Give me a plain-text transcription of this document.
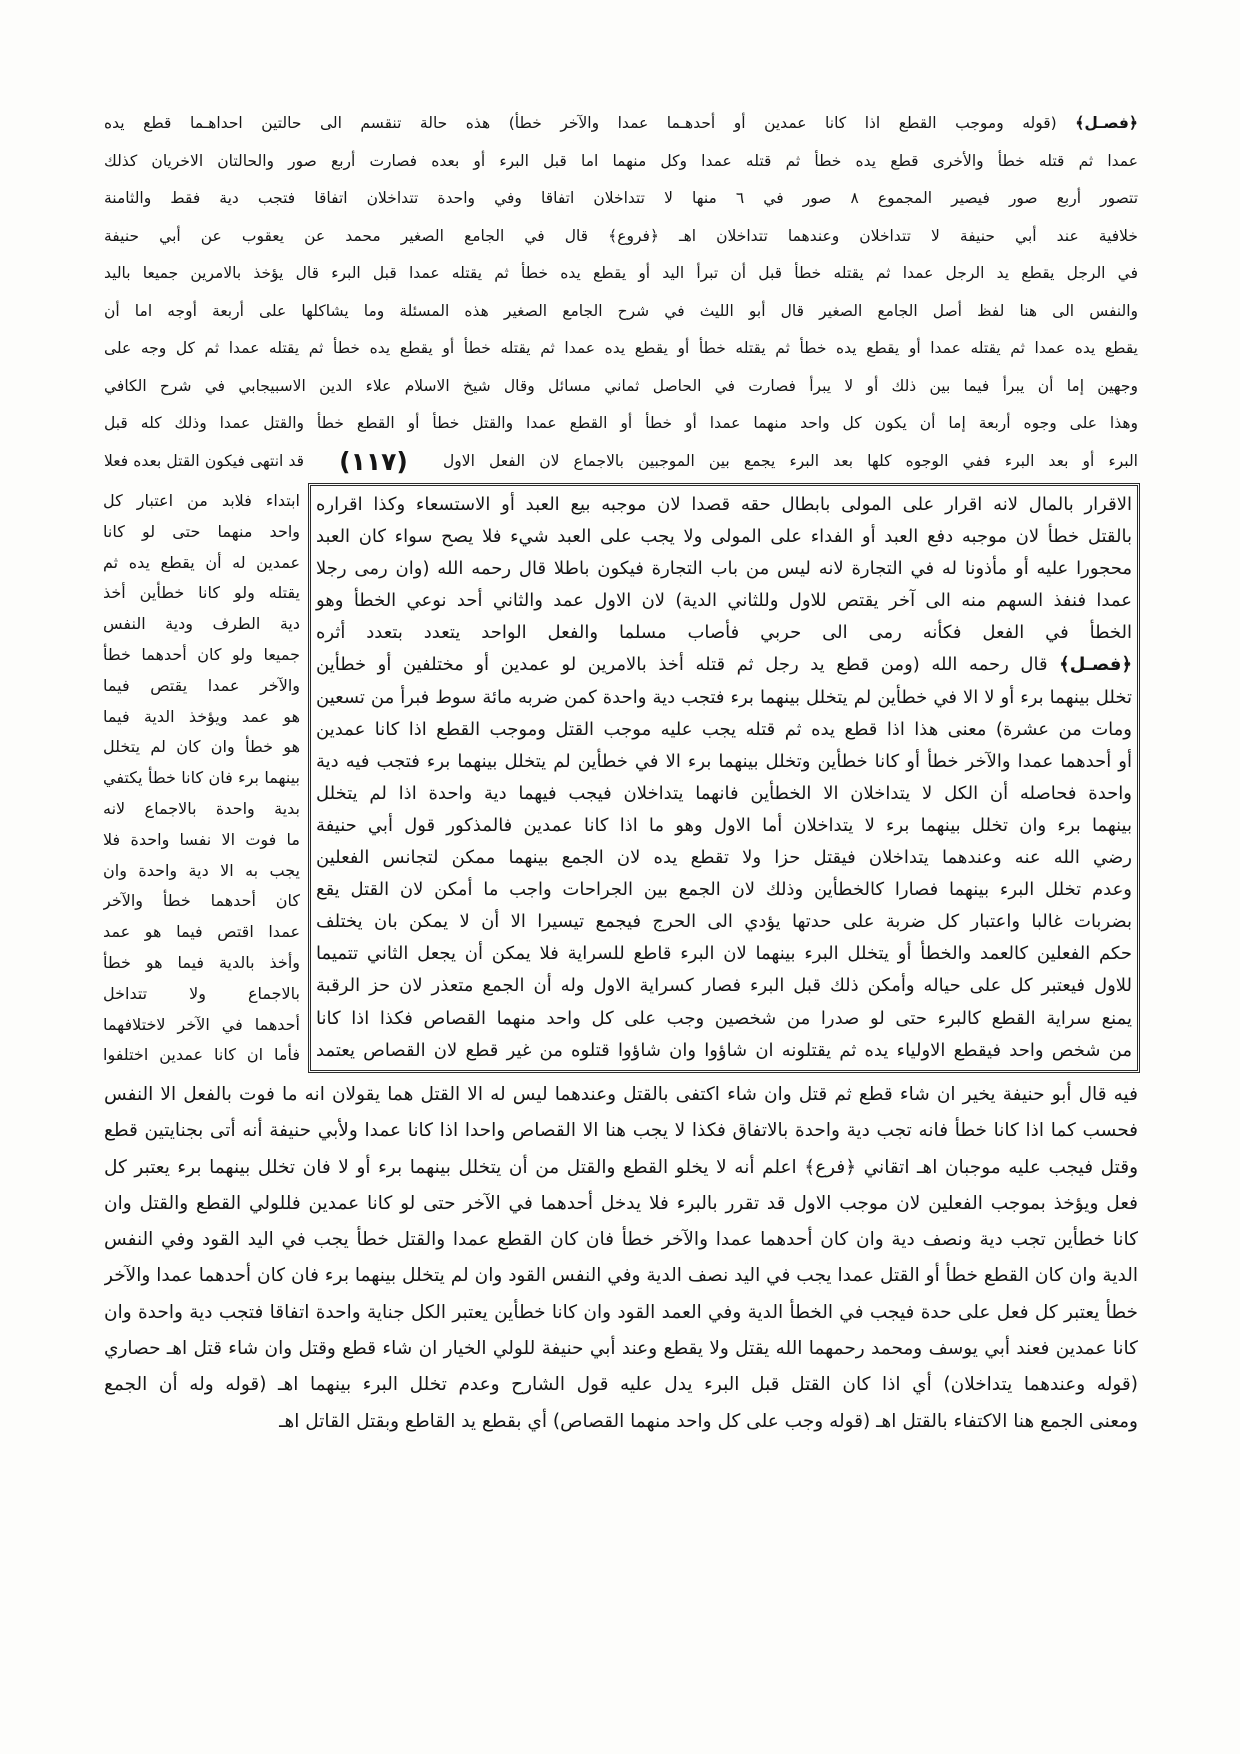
﴿فصـل﴾ (قوله وموجب القطع اذا كانا عمدين أو أحدهـما عمدا والآخر خطأ) هذه حالة تنقسم الى حالتين احداهـما قطع يده
عمدا ثم قتله خطأ والأخرى قطع يده خطأ ثم قتله عمدا وكل منهما اما قبل البرء أو بعده فصارت أربع صور والحالتان الاخريان كذلك
تتصور أربع صور فيصير المجموع ٨ صور في ٦ منها لا تتداخلان اتفاقا وفي واحدة تتداخلان اتفاقا فتجب دية فقط والثامنة
خلافية عند أبي حنيفة لا تتداخلان وعندهما تتداخلان اهـ ﴿فروع﴾ قال في الجامع الصغير محمد عن يعقوب عن أبي حنيفة
في الرجل يقطع يد الرجل عمدا ثم يقتله خطأ قبل أن تبرأ اليد أو يقطع يده خطأ ثم يقتله عمدا قبل البرء قال يؤخذ بالامرين جميعا باليد
والنفس الى هنا لفظ أصل الجامع الصغير قال أبو الليث في شرح الجامع الصغير هذه المسئلة وما يشاكلها على أربعة أوجه اما أن
يقطع يده عمدا ثم يقتله عمدا أو يقطع يده خطأ ثم يقتله خطأ أو يقطع يده عمدا ثم يقتله خطأ أو يقطع يده خطأ ثم يقتله عمدا ثم كل وجه على
وجهين إما أن يبرأ فيما بين ذلك أو لا يبرأ فصارت في الحاصل ثماني مسائل وقال شيخ الاسلام علاء الدين الاسبيجابي في شرح الكافي
وهذا على وجوه أربعة إما أن يكون كل واحد منهما عمدا أو خطأ أو القطع عمدا والقتل خطأ أو القطع خطأ والقتل عمدا وذلك كله قبل
البرء أو بعد البرء ففي الوجوه كلها بعد البرء يجمع بين الموجبين بالاجماع لان الفعل الاول
(١١٧)
قد انتهى فيكون القتل بعده فعلا
ابتداء فلابد من اعتبار كل
واحد منهما حتى لو كانا
عمدين له أن يقطع يده ثم
يقتله ولو كانا خطأين أخذ
دية الطرف ودية النفس
جميعا ولو كان أحدهما خطأ
والآخر عمدا يقتص فيما
هو عمد ويؤخذ الدية فيما
هو خطأ وان كان لم يتخلل
بينهما برء فان كانا خطأ يكتفي
بدية واحدة بالاجماع لانه
ما فوت الا نفسا واحدة فلا
يجب به الا دية واحدة وان
كان أحدهما خطأ والآخر
عمدا اقتص فيما هو عمد
وأخذ بالدية فيما هو خطأ
بالاجماع ولا تتداخل
أحدهما في الآخر لاختلافهما
فأما ان كانا عمدين اختلفوا
الاقرار بالمال لانه اقرار على المولى بابطال حقه قصدا لان موجبه بيع العبد أو الاستسعاء وكذا اقراره
بالقتل خطأ لان موجبه دفع العبد أو الفداء على المولى ولا يجب على العبد شيء فلا يصح سواء كان العبد
محجورا عليه أو مأذونا له في التجارة لانه ليس من باب التجارة فيكون باطلا قال رحمه الله (وان رمى رجلا
عمدا فنفذ السهم منه الى آخر يقتص للاول وللثاني الدية) لان الاول عمد والثاني أحد نوعي الخطأ وهو
الخطأ في الفعل فكأنه رمى الى حربي فأصاب مسلما والفعل الواحد يتعدد بتعدد أثره
﴿فصـل﴾ قال رحمه الله (ومن قطع يد رجل ثم قتله أخذ بالامرين لو عمدين أو مختلفين أو خطأين
تخلل بينهما برء أو لا الا في خطأين لم يتخلل بينهما برء فتجب دية واحدة كمن ضربه مائة سوط فبرأ من تسعين
ومات من عشرة) معنى هذا اذا قطع يده ثم قتله يجب عليه موجب القتل وموجب القطع اذا كانا عمدين
أو أحدهما عمدا والآخر خطأ أو كانا خطأين وتخلل بينهما برء الا في خطأين لم يتخلل بينهما برء فتجب فيه دية
واحدة فحاصله أن الكل لا يتداخلان الا الخطأين فانهما يتداخلان فيجب فيهما دية واحدة اذا لم يتخلل
بينهما برء وان تخلل بينهما برء لا يتداخلان أما الاول وهو ما اذا كانا عمدين فالمذكور قول أبي حنيفة
رضي الله عنه وعندهما يتداخلان فيقتل حزا ولا تقطع يده لان الجمع بينهما ممكن لتجانس الفعلين
وعدم تخلل البرء بينهما فصارا كالخطأين وذلك لان الجمع بين الجراحات واجب ما أمكن لان القتل يقع
بضربات غالبا واعتبار كل ضربة على حدتها يؤدي الى الحرج فيجمع تيسيرا الا أن لا يمكن بان يختلف
حكم الفعلين كالعمد والخطأ أو يتخلل البرء بينهما لان البرء قاطع للسراية فلا يمكن أن يجعل الثاني تتميما
للاول فيعتبر كل على حياله وأمكن ذلك قبل البرء فصار كسراية الاول وله أن الجمع متعذر لان حز الرقبة
يمنع سراية القطع كالبرء حتى لو صدرا من شخصين وجب على كل واحد منهما القصاص فكذا اذا كانا
من شخص واحد فيقطع الاولياء يده ثم يقتلونه ان شاؤوا وان شاؤوا قتلوه من غير قطع لان القصاص يعتمد
فيه قال أبو حنيفة يخير ان شاء قطع ثم قتل وان شاء اكتفى بالقتل وعندهما ليس له الا القتل هما يقولان انه ما فوت بالفعل الا النفس
فحسب كما اذا كانا خطأ فانه تجب دية واحدة بالاتفاق فكذا لا يجب هنا الا القصاص واحدا اذا كانا عمدا ولأبي حنيفة أنه أتى بجنايتين قطع
وقتل فيجب عليه موجبان اهـ اتقاني ﴿فرع﴾ اعلم أنه لا يخلو القطع والقتل من أن يتخلل بينهما برء أو لا فان تخلل بينهما برء يعتبر كل
فعل ويؤخذ بموجب الفعلين لان موجب الاول قد تقرر بالبرء فلا يدخل أحدهما في الآخر حتى لو كانا عمدين فللولي القطع والقتل وان
كانا خطأين تجب دية ونصف دية وان كان أحدهما عمدا والآخر خطأ فان كان القطع عمدا والقتل خطأ يجب في اليد القود وفي النفس
الدية وان كان القطع خطأ أو القتل عمدا يجب في اليد نصف الدية وفي النفس القود وان لم يتخلل بينهما برء فان كان أحدهما عمدا والآخر
خطأ يعتبر كل فعل على حدة فيجب في الخطأ الدية وفي العمد القود وان كانا خطأين يعتبر الكل جناية واحدة اتفاقا فتجب دية واحدة وان
كانا عمدين فعند أبي يوسف ومحمد رحمهما الله يقتل ولا يقطع وعند أبي حنيفة للولي الخيار ان شاء قطع وقتل وان شاء قتل اهـ حصاري
(قوله وعندهما يتداخلان) أي اذا كان القتل قبل البرء يدل عليه قول الشارح وعدم تخلل البرء بينهما اهـ (قوله وله أن الجمع
ومعنى الجمع هنا الاكتفاء بالقتل اهـ (قوله وجب على كل واحد منهما القصاص) أي بقطع يد القاطع وبقتل القاتل اهـ
